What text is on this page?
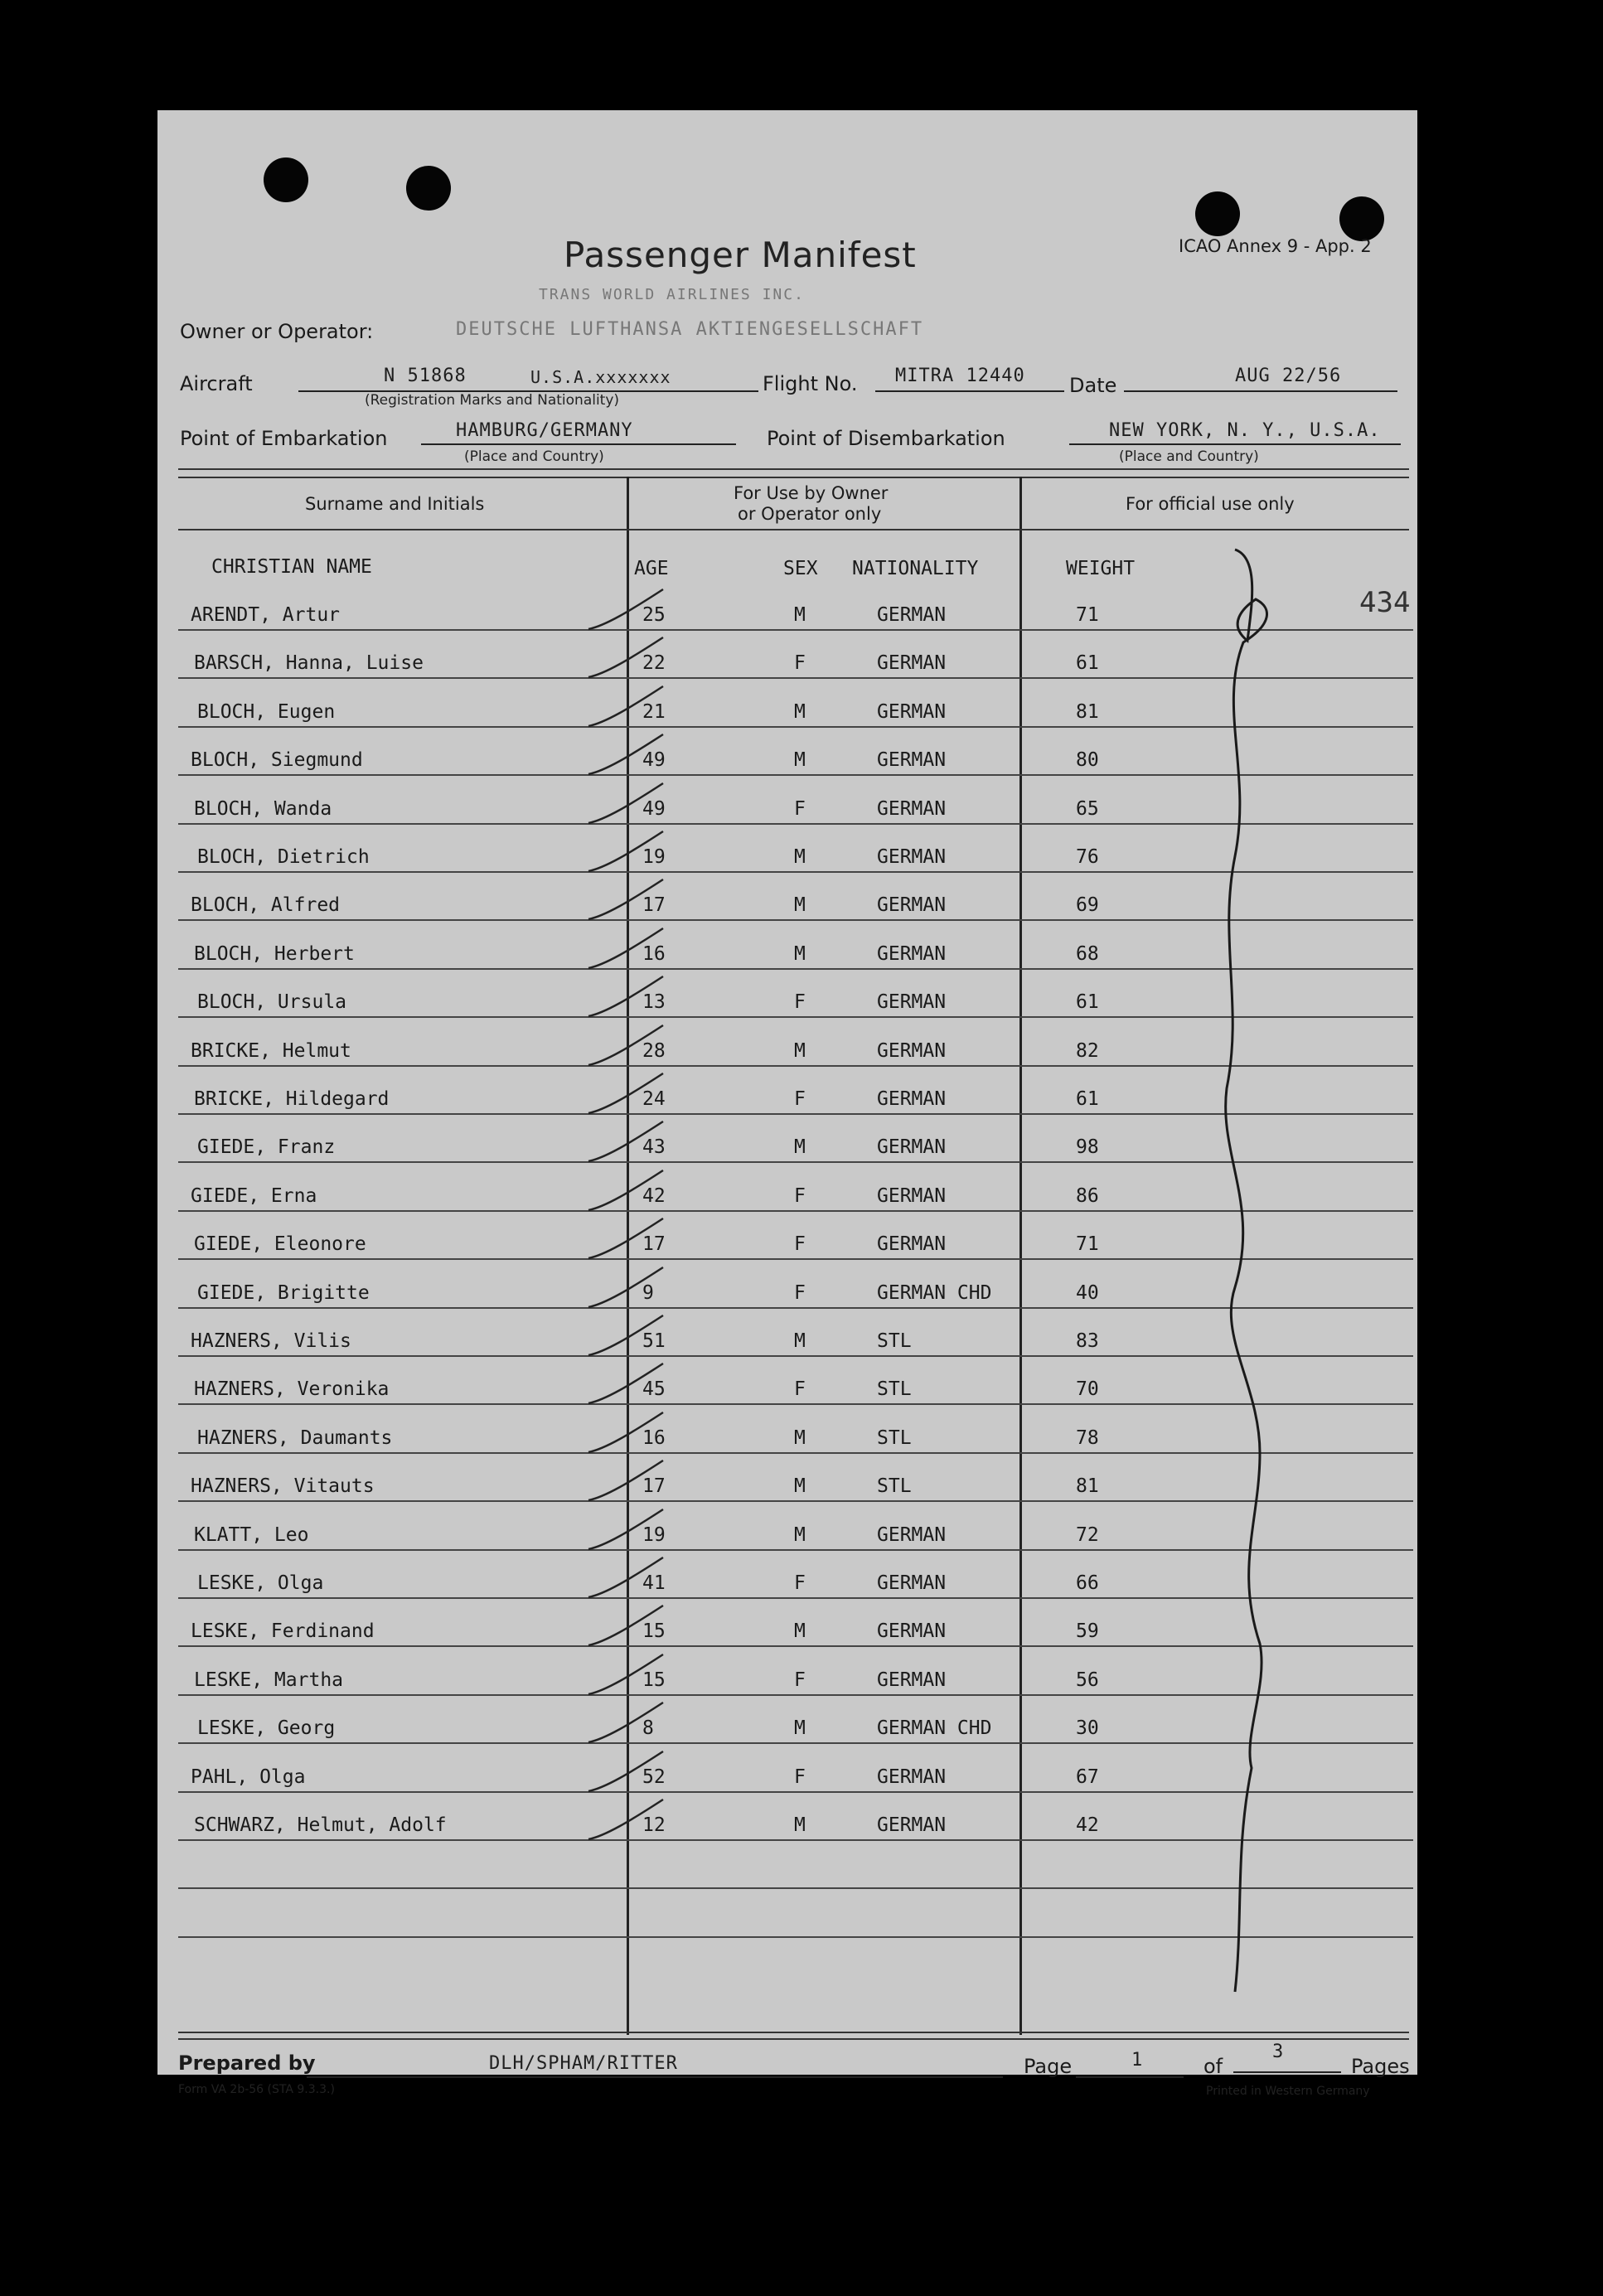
Passenger Manifest	ICAO Annex 9 - App. 2
TRANS WORLD AIRLINES INC.
Owner or Operator:	DEUTSCHE LUFTHANSA AKTIENGESELLSCHAFT
Aircraft	N 51868	U.S.A.xxxxxxx
(Registration Marks and Nationality)
Flight No. MITRA 12440 Date	AUG 22/56
Point of Embarkation	HAMBURG/GERMANY
(Place and Country)
Point of Disembarkation	NEW YORK, N. Y., U.S.A.
(Place and Country)
Surname and Initials
For Use by Owner
or Operator only	For official use only
CHRISTIAN NAME	AGE	SEX NATIONALITY	WEIGHT
434
ARENDT, Artur	25	M	GERMAN	71
BARSCH, Hanna, Luise	22	F	GERMAN	61
BLOCH, Eugen	21	M	GERMAN	81
BLOCH, Siegmund	49	M	GERMAN	80
BLOCH, Wanda	49	F	GERMAN	65
BLOCH, Dietrich	19	M	GERMAN	76
BLOCH, Alfred	17	M	GERMAN	69
BLOCH, Herbert	16	M	GERMAN	68
BLOCH, Ursula	13	F	GERMAN	61
BRICKE, Helmut	28	M	GERMAN	82
BRICKE, Hildegard	24	F	GERMAN	61
GIEDE, Franz	43	M	GERMAN	98
GIEDE, Erna	42	F	GERMAN	86
GIEDE, Eleonore	17	F	GERMAN	71
GIEDE, Brigitte	9	F	GERMAN CHD	40
HAZNERS, Vilis	51	M	STL	83
HAZNERS, Veronika	45	F	STL	70
HAZNERS, Daumants	16	M	STL	78
HAZNERS, Vitauts	17	M	STL	81
KLATT, Leo	19	M	GERMAN	72
LESKE, Olga	41	F	GERMAN	66
LESKE, Ferdinand	15	M	GERMAN	59
LESKE, Martha	15	F	GERMAN	56
LESKE, Georg	8	M	GERMAN CHD	30
PAHL, Olga	52	F	GERMAN	67
SCHWARZ, Helmut, Adolf	12	M	GERMAN	42
Prepared by	DLH/SPHAM/RITTER	Page	1	of
3
Pages
Form VA 2b-56 (STA 9.3.3.)	Printed in Western Germany
